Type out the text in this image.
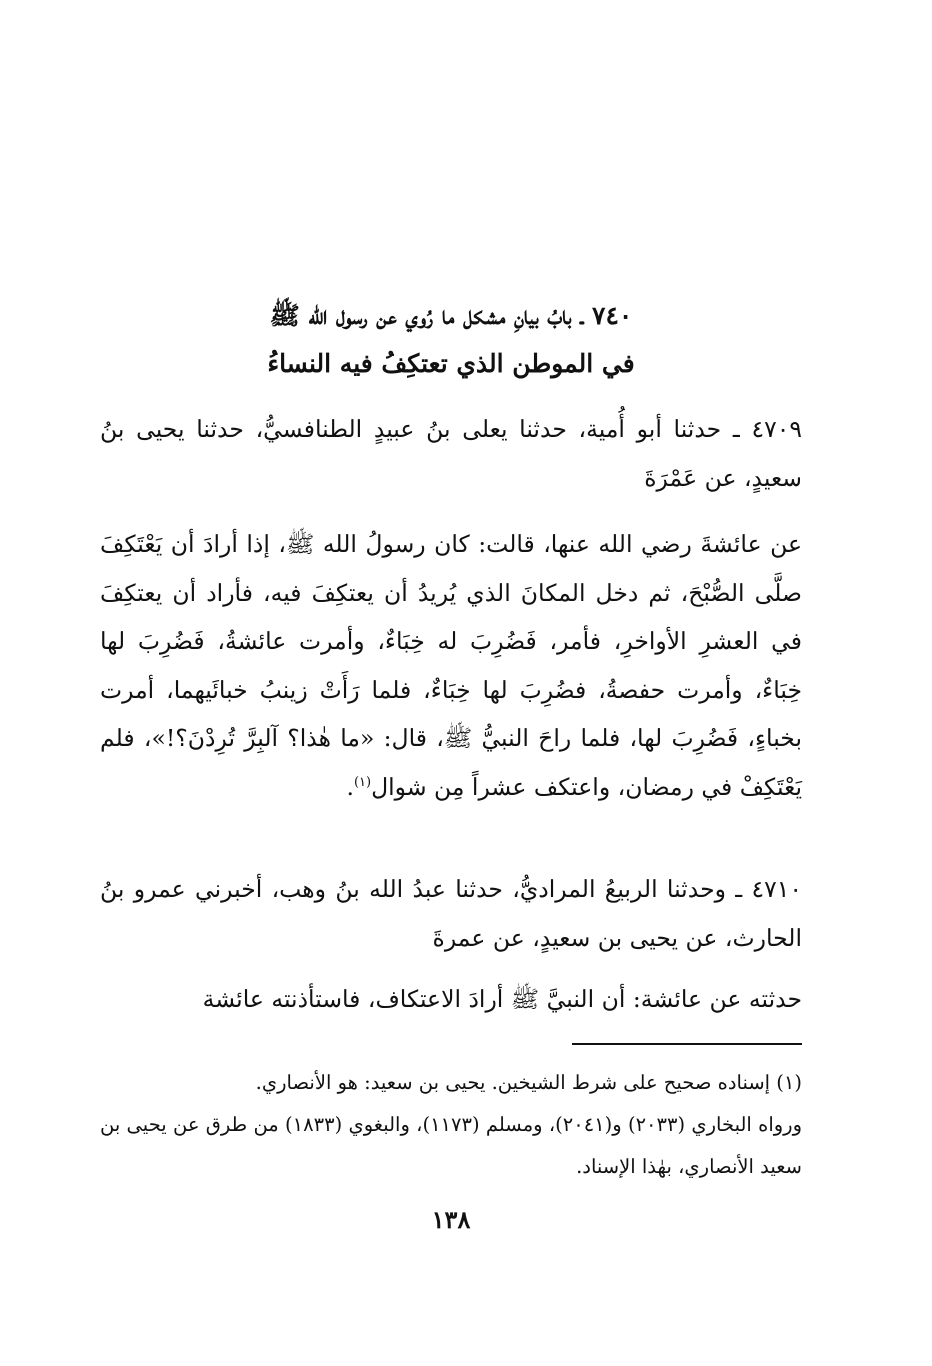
٧٤٠ ـ بابُ بيانِ مشكل ما رُوي عن رسول الله ﷺ
في الموطن الذي تعتكِفُ فيه النساءُ
٤٧٠٩ ـ حدثنا أبو أُمية، حدثنا يعلى بنُ عبيدٍ الطنافسيُّ، حدثنا يحيى بنُ سعيدٍ، عن عَمْرَةَ
عن عائشةَ رضي الله عنها، قالت: كان رسولُ الله ﷺ، إذا أرادَ أن يَعْتَكِفَ صلَّى الصُّبْحَ، ثم دخل المكانَ الذي يُريدُ أن يعتكِفَ فيه، فأراد أن يعتكِفَ في العشرِ الأواخرِ، فأمر، فَضُرِبَ له خِبَاءٌ، وأمرت عائشةُ، فَضُرِبَ لها خِبَاءٌ، وأمرت حفصةُ، فضُرِبَ لها خِبَاءٌ، فلما رَأَتْ زينبُ خبائَيهما، أمرت بخباءٍ، فَضُرِبَ لها، فلما راحَ النبيُّ ﷺ، قال: «ما هٰذا؟ آلبِرَّ تُرِدْنَ؟!»، فلم يَعْتَكِفْ في رمضان، واعتكف عشراً مِن شوال$^{(١)}$.
٤٧١٠ ـ وحدثنا الربيعُ المراديُّ، حدثنا عبدُ الله بنُ وهب، أخبرني عمرو بنُ الحارث، عن يحيى بن سعيدٍ، عن عمرةَ
حدثته عن عائشة: أن النبيَّ ﷺ أرادَ الاعتكاف، فاستأذنته عائشة
(١) إسناده صحيح على شرط الشيخين. يحيى بن سعيد: هو الأنصاري.
ورواه البخاري (٢٠٣٣) و(٢٠٤١)، ومسلم (١١٧٣)، والبغوي (١٨٣٣) من طرق عن يحيى بن سعيد الأنصاري، بهٰذا الإسناد.
١٣٨
